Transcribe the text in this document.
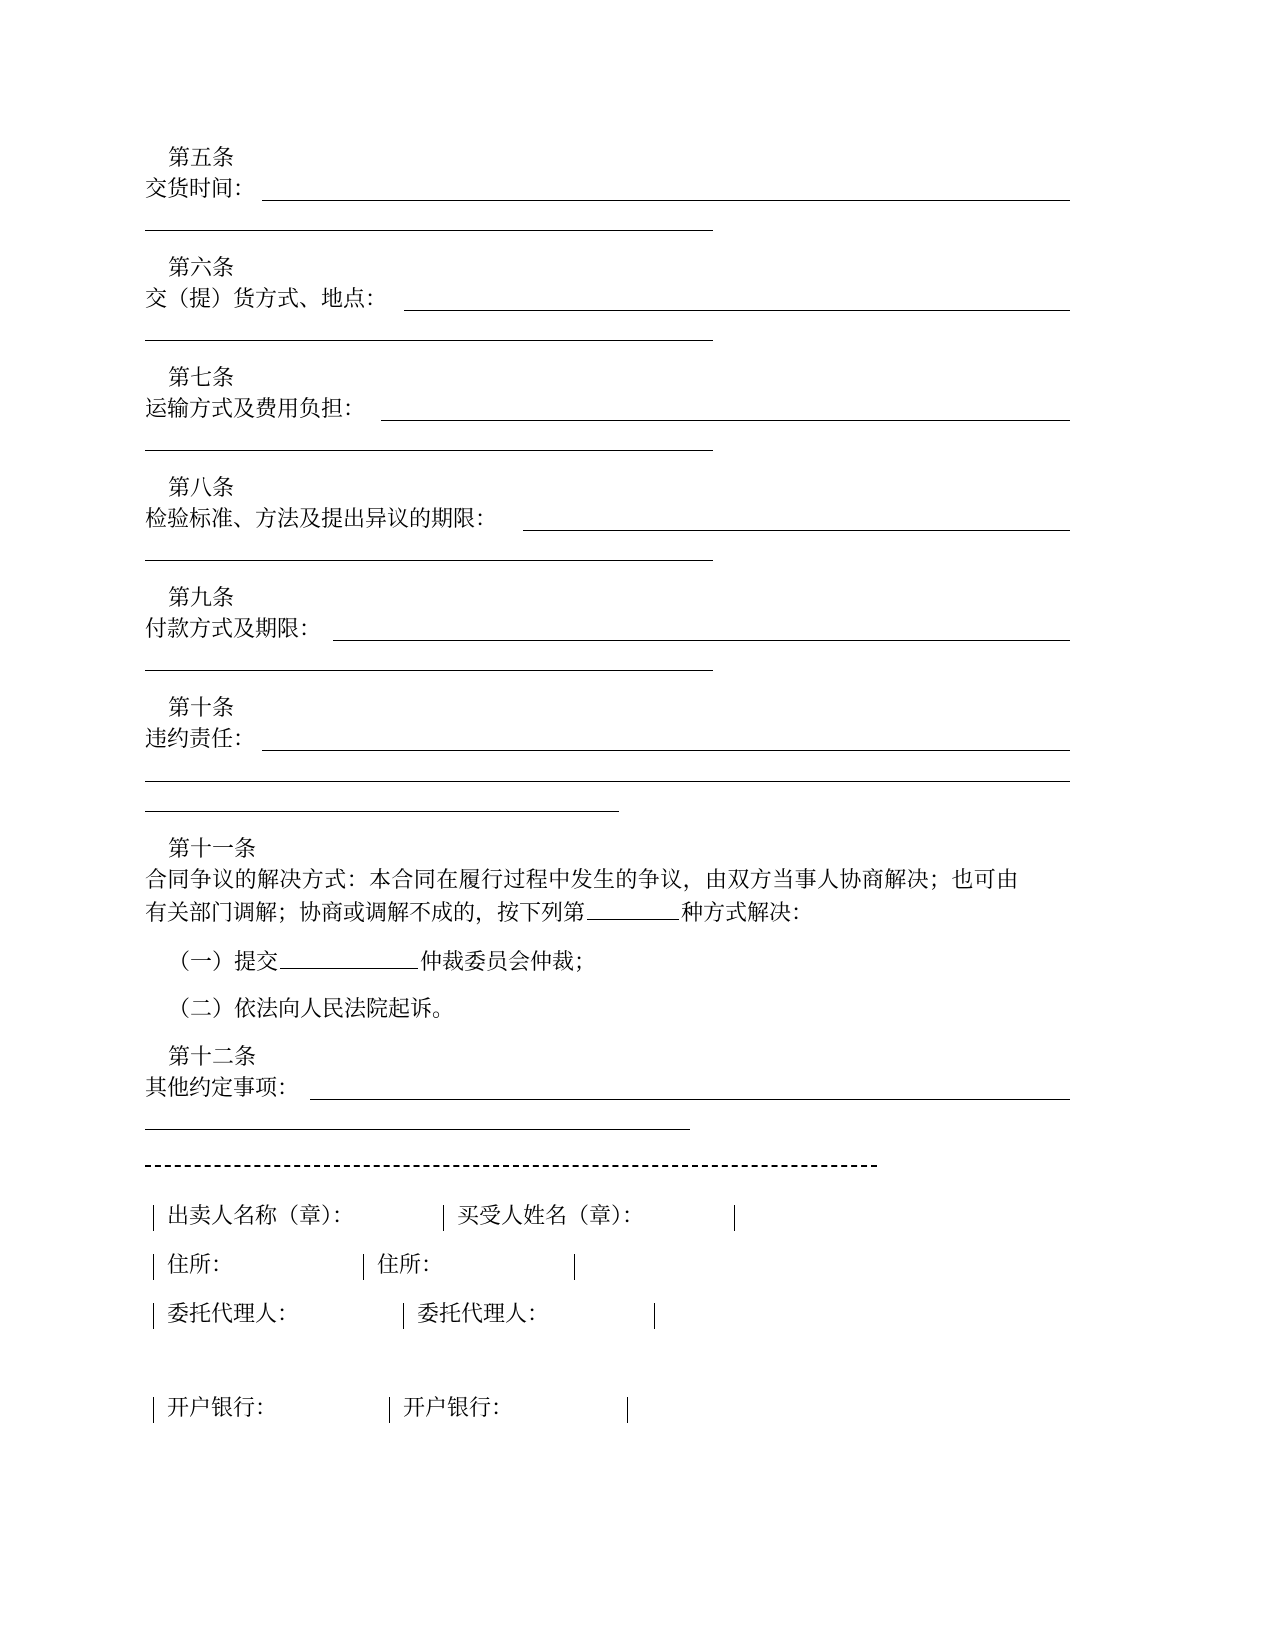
第五条
交货时间：
第六条
交（提）货方式、地点：
第七条
运输方式及费用负担：
第八条
检验标准、方法及提出异议的期限：
第九条
付款方式及期限：
第十条
违约责任：
第十一条
合同争议的解决方式：本合同在履行过程中发生的争议，由双方当事人协商解决；也可由
有关部门调解；协商或调解不成的，按下列第	种方式解决：
（一）提交	仲裁委员会仲裁；
（二）依法向人民法院起诉。
第十二条
其他约定事项：
出卖人名称（章）：	买受人姓名（章）：
住所：	住所：
委托代理人：	委托代理人：
开户银行：	开户银行：
